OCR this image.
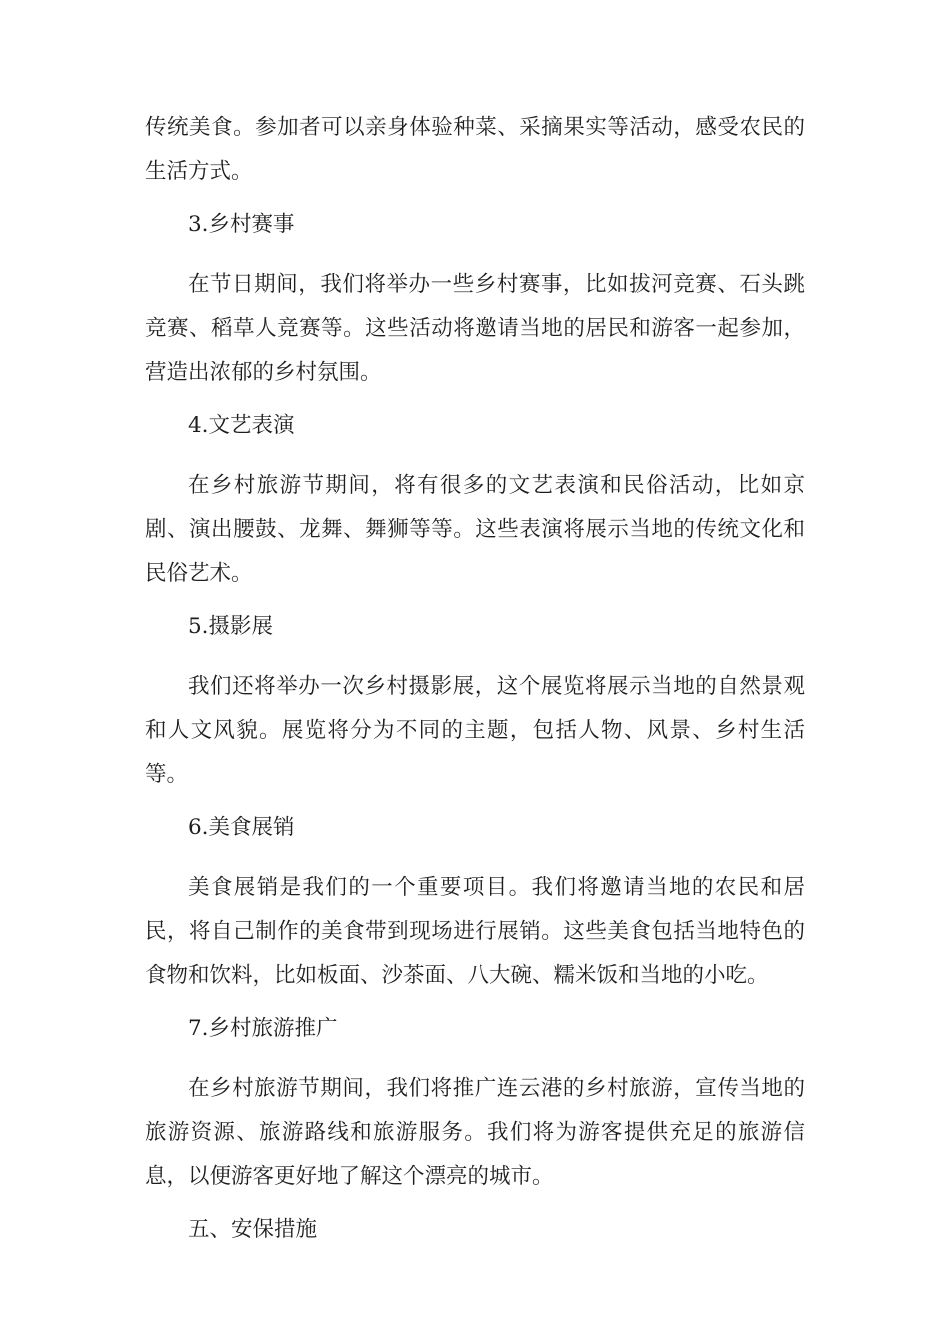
传统美食。参加者可以亲身体验种菜、采摘果实等活动，感受农民的生活方式。

3.乡村赛事

在节日期间，我们将举办一些乡村赛事，比如拔河竞赛、石头跳竞赛、稻草人竞赛等。这些活动将邀请当地的居民和游客一起参加，营造出浓郁的乡村氛围。

4.文艺表演

在乡村旅游节期间，将有很多的文艺表演和民俗活动，比如京剧、演出腰鼓、龙舞、舞狮等等。这些表演将展示当地的传统文化和民俗艺术。

5.摄影展

我们还将举办一次乡村摄影展，这个展览将展示当地的自然景观和人文风貌。展览将分为不同的主题，包括人物、风景、乡村生活等。

6.美食展销

美食展销是我们的一个重要项目。我们将邀请当地的农民和居民，将自己制作的美食带到现场进行展销。这些美食包括当地特色的食物和饮料，比如板面、沙茶面、八大碗、糯米饭和当地的小吃。

7.乡村旅游推广

在乡村旅游节期间，我们将推广连云港的乡村旅游，宣传当地的旅游资源、旅游路线和旅游服务。我们将为游客提供充足的旅游信息，以便游客更好地了解这个漂亮的城市。

五、安保措施
